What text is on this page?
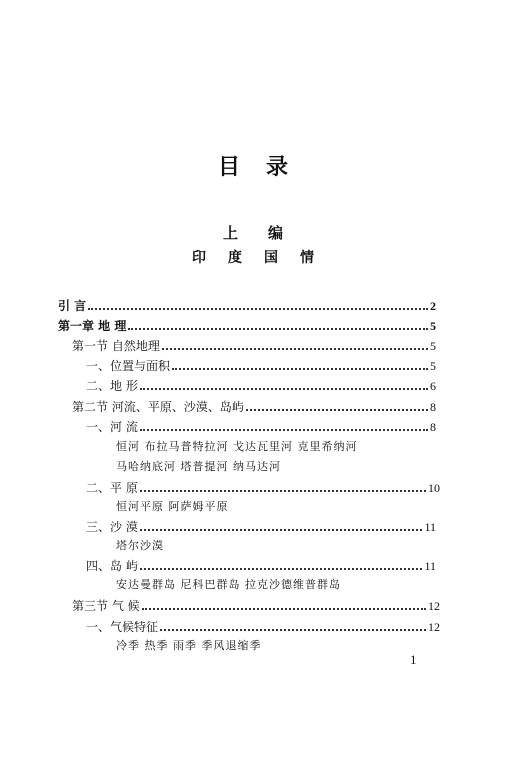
目录
上编
印度国情
引 言	2
第一章 地 理	5
第一节 自然地理	5
一、位置与面积	5
二、地 形	6
第二节 河流、平原、沙漠、岛屿	8
一、河 流	8
恒河 布拉马普特拉河 戈达瓦里河 克里希纳河
马哈纳底河 塔普提河 纳马达河
二、平 原	10
恒河平原 阿萨姆平原
三、沙 漠	11
塔尔沙漠
四、岛 屿	11
安达曼群岛 尼科巴群岛 拉克沙德维普群岛
第三节 气 候	12
一、气候特征	12
冷季 热季 雨季 季风退缩季
1
